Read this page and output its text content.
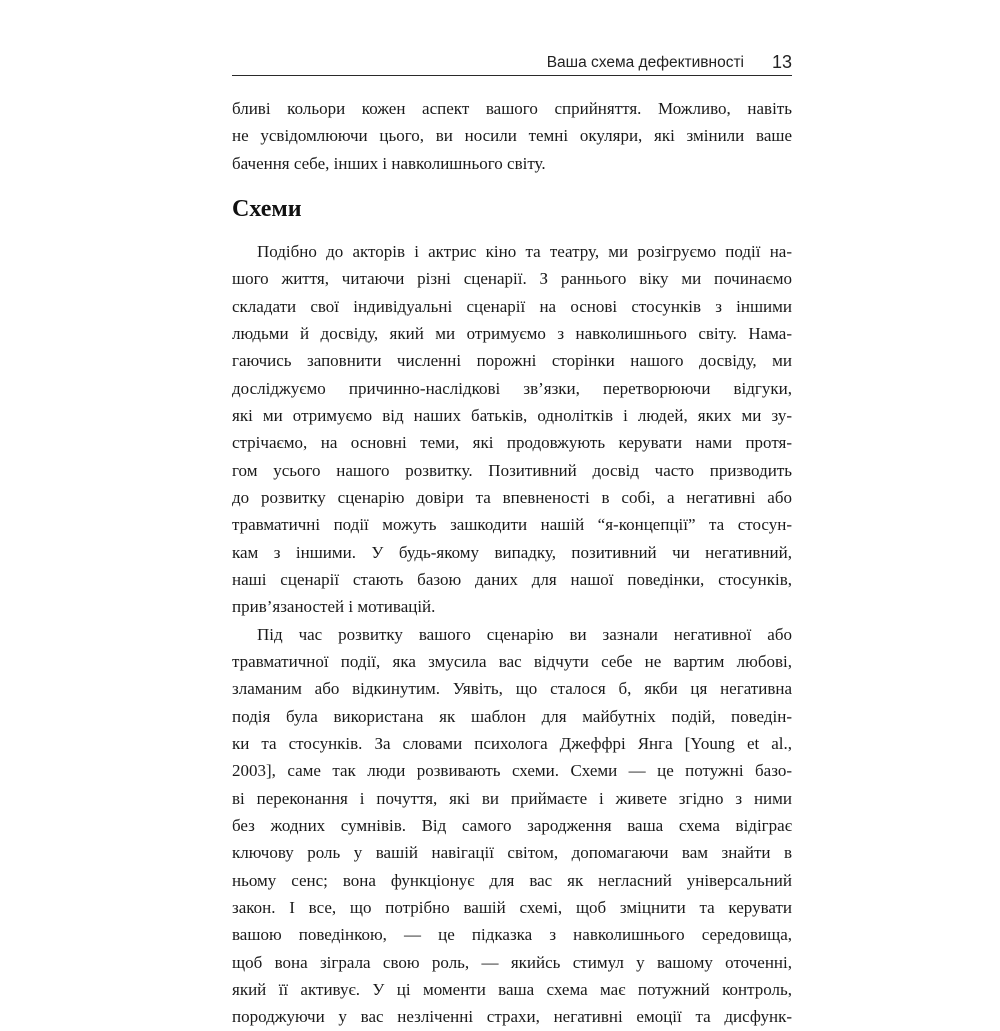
Ваша схема дефективності 13
бливі кольори кожен аспект вашого сприйняття. Можливо, навіть
не усвідомлюючи цього, ви носили темні окуляри, які змінили ваше
бачення себе, інших і навколишнього світу.
Схеми
Подібно до акторів і актрис кіно та театру, ми розігруємо події на-
шого життя, читаючи різні сценарії. З раннього віку ми починаємо
складати свої індивідуальні сценарії на основі стосунків з іншими
людьми й досвіду, який ми отримуємо з навколишнього світу. Нама-
гаючись заповнити численні порожні сторінки нашого досвіду, ми
досліджуємо причинно-наслідкові зв’язки, перетворюючи відгуки,
які ми отримуємо від наших батьків, однолітків і людей, яких ми зу-
стрічаємо, на основні теми, які продовжують керувати нами протя-
гом усього нашого розвитку. Позитивний досвід часто призводить
до розвитку сценарію довіри та впевненості в собі, а негативні або
травматичні події можуть зашкодити нашій “я-концепції” та стосун-
кам з іншими. У будь-якому випадку, позитивний чи негативний,
наші сценарії стають базою даних для нашої поведінки, стосунків,
прив’язаностей і мотивацій.
Під час розвитку вашого сценарію ви зазнали негативної або
травматичної події, яка змусила вас відчути себе не вартим любові,
зламаним або відкинутим. Уявіть, що сталося б, якби ця негативна
подія була використана як шаблон для майбутніх подій, поведін-
ки та стосунків. За словами психолога Джеффрі Янга [Young et al.,
2003], саме так люди розвивають схеми. Схеми — це потужні базо-
ві переконання і почуття, які ви приймаєте і живете згідно з ними
без жодних сумнівів. Від самого зародження ваша схема відіграє
ключову роль у вашій навігації світом, допомагаючи вам знайти в
ньому сенс; вона функціонує для вас як негласний універсальний
закон. І все, що потрібно вашій схемі, щоб зміцнити та керувати
вашою поведінкою, — це підказка з навколишнього середовища,
щоб вона зіграла свою роль, — якийсь стимул у вашому оточенні,
який її активує. У ці моменти ваша схема має потужний контроль,
породжуючи у вас незліченні страхи, негативні емоції та дисфунк-
